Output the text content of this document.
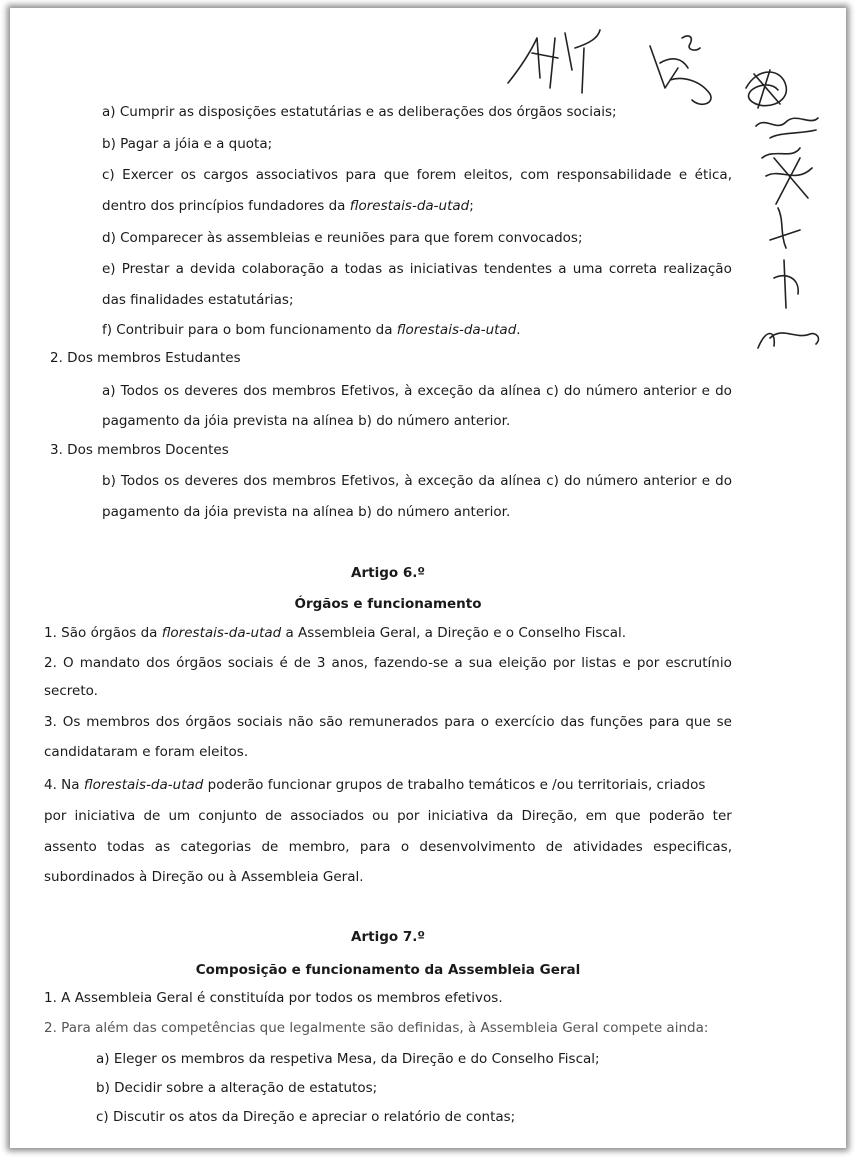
a) Cumprir as disposições estatutárias e as deliberações dos órgãos sociais;
b) Pagar a jóia e a quota;
c) Exercer os cargos associativos para que forem eleitos, com responsabilidade e ética,
dentro dos princípios fundadores da florestais-da-utad;
d) Comparecer às assembleias e reuniões para que forem convocados;
e) Prestar a devida colaboração a todas as iniciativas tendentes a uma correta realização
das finalidades estatutárias;
f) Contribuir para o bom funcionamento da florestais-da-utad.
2. Dos membros Estudantes
a) Todos os deveres dos membros Efetivos, à exceção da alínea c) do número anterior e do
pagamento da jóia prevista na alínea b) do número anterior.
3. Dos membros Docentes
b) Todos os deveres dos membros Efetivos, à exceção da alínea c) do número anterior e do
pagamento da jóia prevista na alínea b) do número anterior.
Artigo 6.º
Órgãos e funcionamento
1. São órgãos da florestais-da-utad a Assembleia Geral, a Direção e o Conselho Fiscal.
2. O mandato dos órgãos sociais é de 3 anos, fazendo-se a sua eleição por listas e por escrutínio
secreto.
3. Os membros dos órgãos sociais não são remunerados para o exercício das funções para que se
candidataram e foram eleitos.
4. Na florestais-da-utad poderão funcionar grupos de trabalho temáticos e /ou territoriais, criados
por iniciativa de um conjunto de associados ou por iniciativa da Direção, em que poderão ter
assento todas as categorias de membro, para o desenvolvimento de atividades especificas,
subordinados à Direção ou à Assembleia Geral.
Artigo 7.º
Composição e funcionamento da Assembleia Geral
1. A Assembleia Geral é constituída por todos os membros efetivos.
2. Para além das competências que legalmente são definidas, à Assembleia Geral compete ainda:
a) Eleger os membros da respetiva Mesa, da Direção e do Conselho Fiscal;
b) Decidir sobre a alteração de estatutos;
c) Discutir os atos da Direção e apreciar o relatório de contas;
